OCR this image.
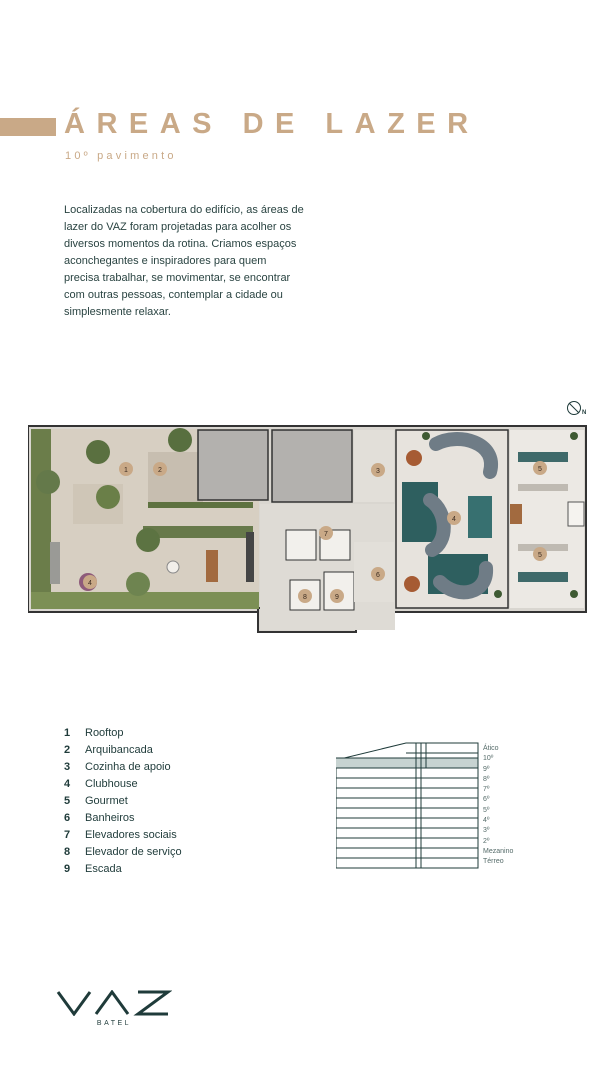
ÁREAS DE LAZER
10º pavimento

Localizadas na cobertura do edifício, as áreas de lazer do VAZ foram projetadas para acolher os diversos momentos da rotina. Criamos espaços aconchegantes e inspiradores para quem precisa trabalhar, se movimentar, se encontrar com outras pessoas, contemplar a cidade ou simplesmente relaxar.

N
1	2	3
4
5
5
6
7
8	9
4
1	Rooftop
2	Arquibancada
3	Cozinha de apoio
4	Clubhouse
5	Gourmet
6	Banheiros
7	Elevadores sociais
8	Elevador de serviço
9	Escada
Ático
10º
9º
8º
7º
6º
5º
4º
3º
2º
Mezanino
Térreo
BATEL
